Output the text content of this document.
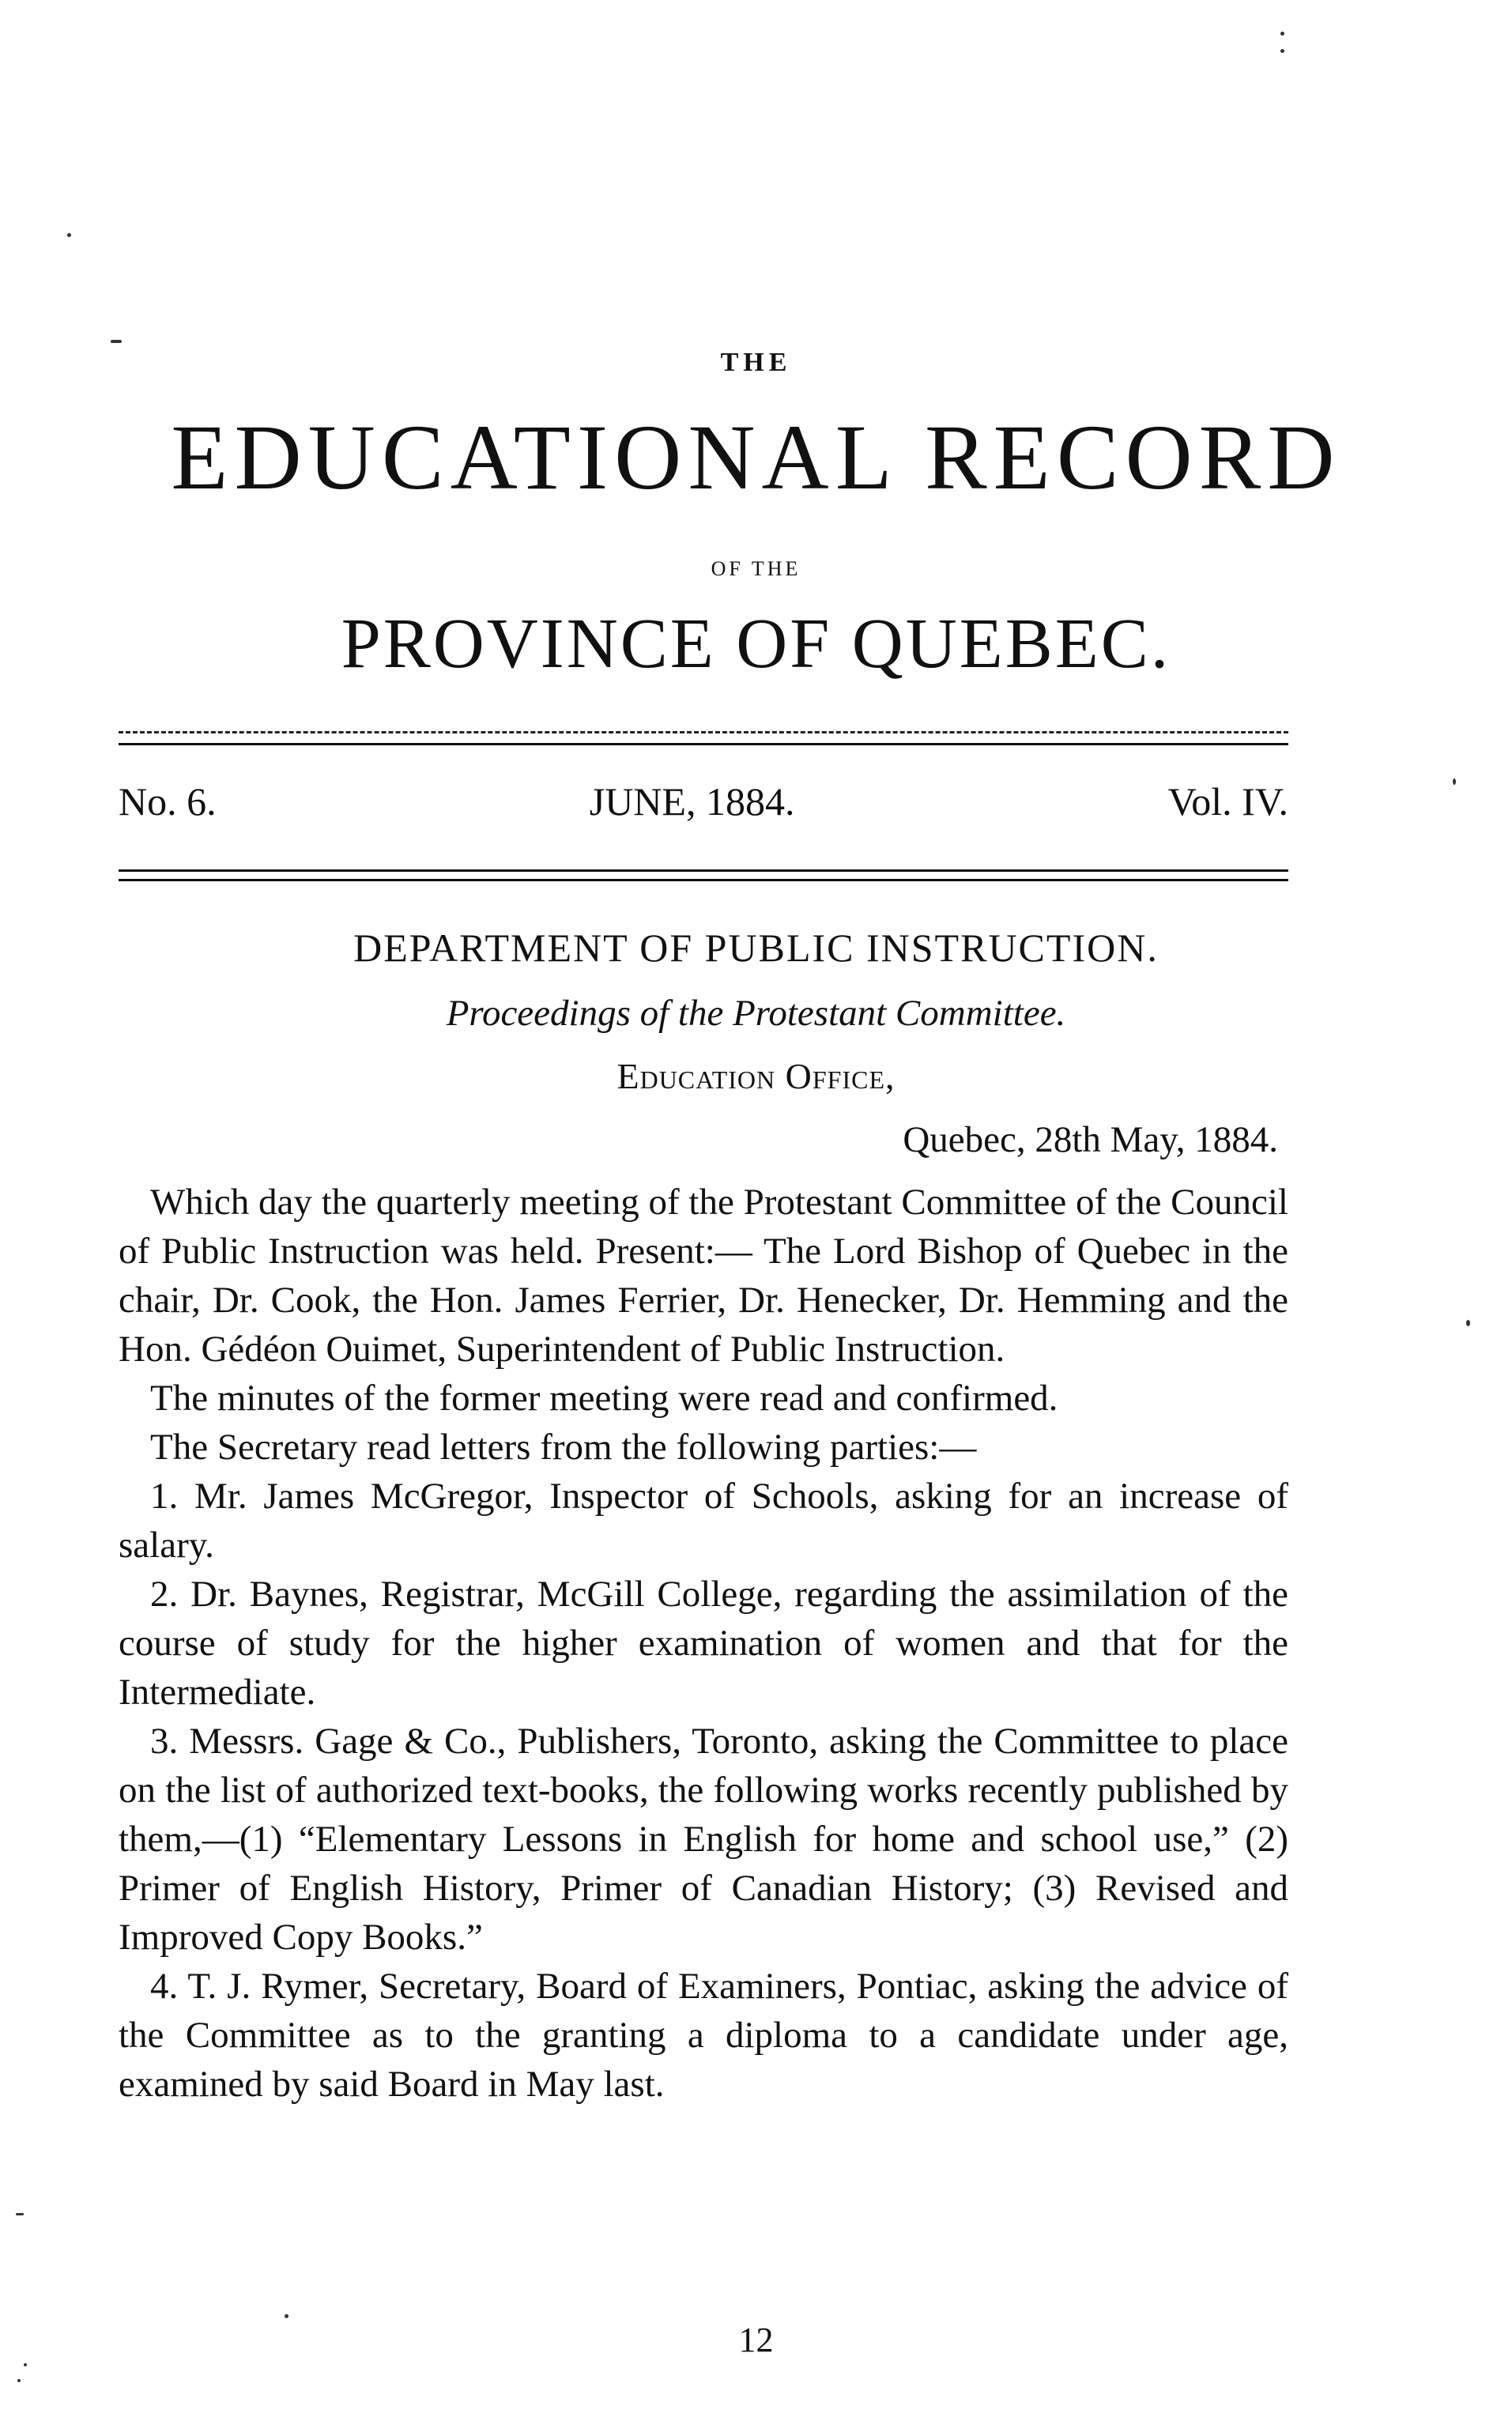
THE
EDUCATIONAL RECORD
OF THE
PROVINCE OF QUEBEC.
No. 6.	JUNE, 1884.	Vol. IV.
DEPARTMENT OF PUBLIC INSTRUCTION.
Proceedings of the Protestant Committee.
Education Office,
Quebec, 28th May, 1884.

Which day the quarterly meeting of the Protestant Committee of the Council of Public Instruction was held. Present:— The Lord Bishop of Quebec in the chair, Dr. Cook, the Hon. James Ferrier, Dr. Henecker, Dr. Hemming and the Hon. Gédéon Ouimet, Superintendent of Public Instruction.

The minutes of the former meeting were read and confirmed.

The Secretary read letters from the following parties:—

1. Mr. James McGregor, Inspector of Schools, asking for an increase of salary.

2. Dr. Baynes, Registrar, McGill College, regarding the assimilation of the course of study for the higher examination of women and that for the Intermediate.

3. Messrs. Gage & Co., Publishers, Toronto, asking the Committee to place on the list of authorized text-books, the following works recently published by them,—(1) “Elementary Lessons in English for home and school use,” (2) Primer of English History, Primer of Canadian History; (3) Revised and Improved Copy Books.”

4. T. J. Rymer, Secretary, Board of Examiners, Pontiac, asking the advice of the Committee as to the granting a diploma to a candidate under age, examined by said Board in May last.

12
